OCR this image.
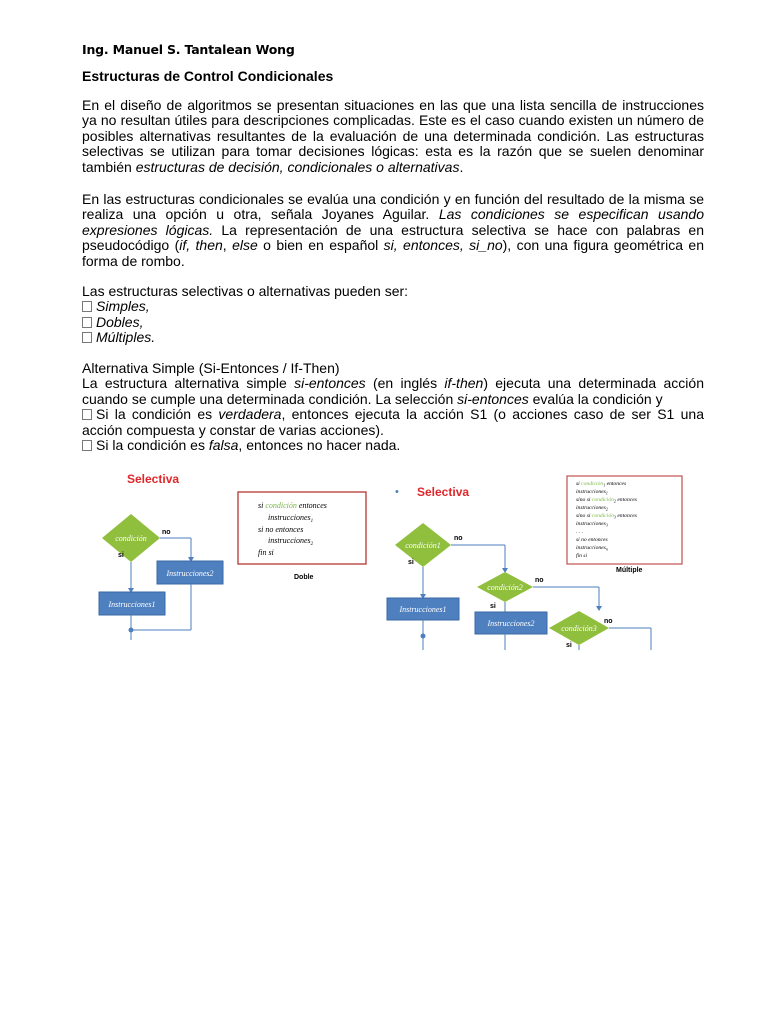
Ing. Manuel S. Tantalean Wong
Estructuras de Control Condicionales

En el diseño de algoritmos se presentan situaciones en las que una lista sencilla de instrucciones ya no resultan útiles para descripciones complicadas. Este es el caso cuando existen un número de posibles alternativas resultantes de la evaluación de una determinada condición. Las estructuras selectivas se utilizan para tomar decisiones lógicas: esta es la razón que se suelen denominar también estructuras de decisión, condicionales o alternativas.

En las estructuras condicionales se evalúa una condición y en función del resultado de la misma se realiza una opción u otra, señala Joyanes Aguilar. Las condiciones se especifican usando expresiones lógicas. La representación de una estructura selectiva se hace con palabras en pseudocódigo (if, then, else o bien en español si, entonces, si_no), con una figura geométrica en forma de rombo.

Las estructuras selectivas o alternativas pueden ser:

Simples,
Dobles,
Múltiples.

Alternativa Simple (Si-Entonces / If-Then)

La estructura alternativa simple si-entonces (en inglés if-then) ejecuta una determinada acción cuando se cumple una determinada condición. La selección si-entonces evalúa la condición y

Si la condición es verdadera, entonces ejecuta la acción S1 (o acciones caso de ser S1 una acción compuesta y constar de varias acciones).

Si la condición es falsa, entonces no hacer nada.

Selectiva
condición
no
si
Instrucciones2
Instrucciones1
si condición entonces
instrucciones$_1$
si no entonces
instrucciones$_2$
fin si
Doble
• Selectiva
condición1
no
si
Instrucciones1
condición2
no
si
Instrucciones2
condición3
no
si
si condición$_1$ entonces
instrucciones$_1$
sino si condición$_2$ entonces
instrucciones$_2$
sino si condición$_3$ entonces
instrucciones$_3$
. . .
si no entonces
instrucciones$_n$
fin si
Múltiple
